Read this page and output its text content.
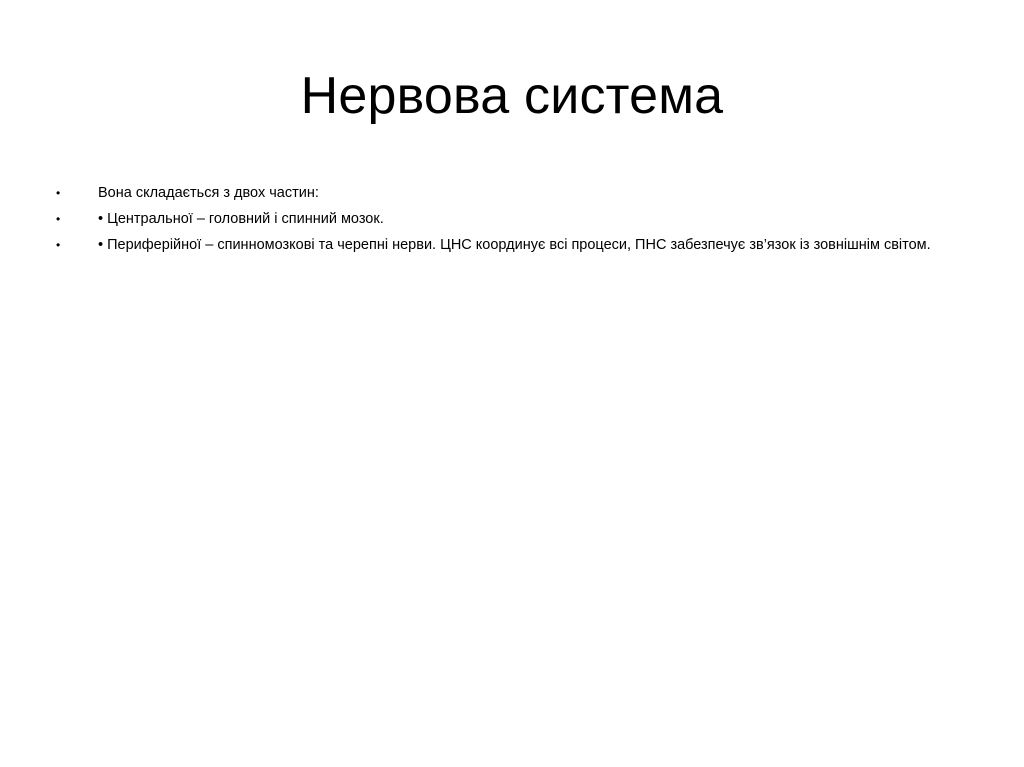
Нервова система
•	Вона складається з двох частин:
•	• Центральної – головний і спинний мозок.
•	• Периферійної – спинномозкові та черепні нерви. ЦНС координує всі процеси, ПНС забезпечує зв’язок із зовнішнім світом.
